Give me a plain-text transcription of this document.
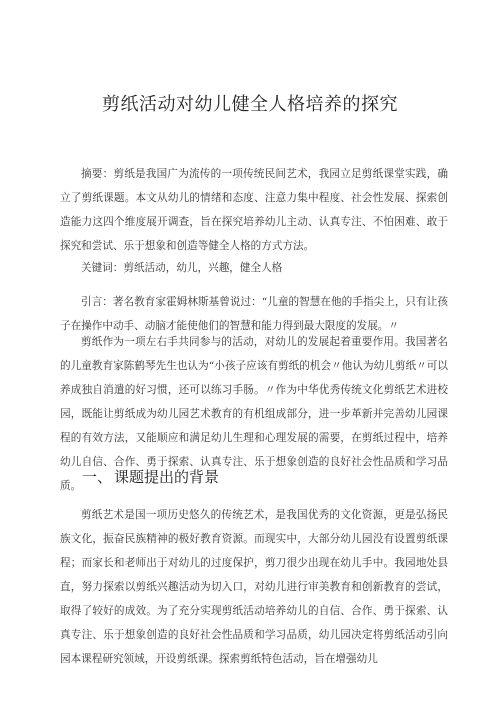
剪纸活动对幼儿健全人格培养的探究
摘要：剪纸是我国广为流传的一项传统民间艺术，我园立足剪纸课堂实践，确立了剪纸课题。本文从幼儿的情绪和态度、注意力集中程度、社会性发展、探索创造能力这四个维度展开调查，旨在探究培养幼儿主动、认真专注、不怕困难、敢于探究和尝试、乐于想象和创造等健全人格的方式方法。
关键词：剪纸活动，幼儿，兴趣，健全人格
引言：著名教育家霍姆林斯基曾说过：“儿童的智慧在他的手指尖上，只有让孩子在操作中动手、动脑才能使他们的智慧和能力得到最大限度的发展。〃
剪纸作为一项左右手共同参与的活动，对幼儿的发展起着重要作用。我国著名的儿童教育家陈鹤琴先生也认为“小孩子应该有剪纸的机会〃他认为幼儿剪纸〃可以养成独自消遣的好习惯，还可以练习手肠。〃作为中华优秀传统文化剪纸艺术进校园，既能让剪纸成为幼儿园艺术教育的有机组成部分，进一步革新并完善幼儿园课程的有效方法，又能顺应和满足幼儿生理和心理发展的需要，在剪纸过程中，培养幼儿自信、合作、勇于探索、认真专注、乐于想象创造的良好社会性品质和学习品质。 一、 课题提出的背景
剪纸艺术是国一项历史悠久的传统艺术，是我国优秀的文化资源，更是弘扬民族文化，振奋民族精神的极好教育资源。而现实中，大部分幼儿园没有设置剪纸课程；而家长和老师出于对幼儿的过度保护，剪刀很少出现在幼儿手中。我园地处县直，努力探索以剪纸兴趣活动为切入口，对幼儿进行审美教育和创新教育的尝试，取得了较好的成效。为了充分实现剪纸活动培养幼儿的自信、合作、勇于探索、认真专注、乐于想象创造的良好社会性品质和学习品质，幼儿园决定将剪纸活动引向园本课程研究领域，开设剪纸课。探索剪纸特色活动，旨在增强幼儿
